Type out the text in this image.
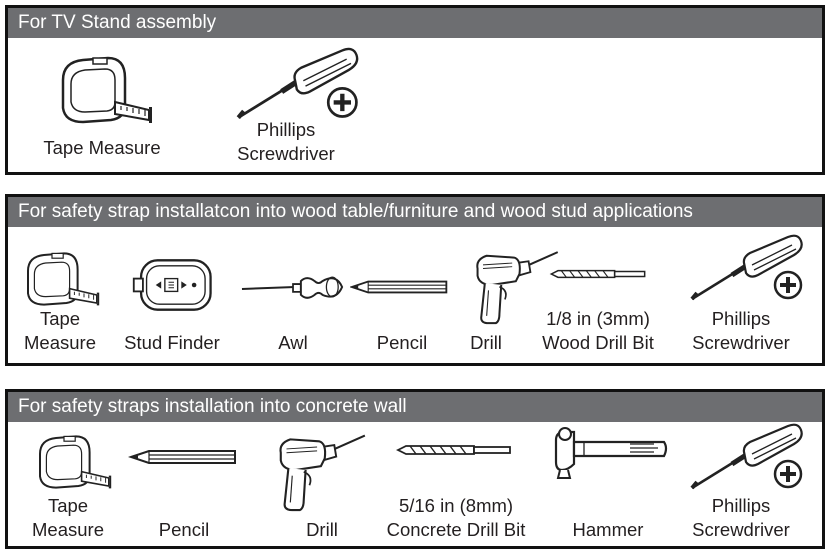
For TV Stand assembly
Tape Measure
Phillips
Screwdriver
For safety strap installatcon into wood table/furniture and wood stud applications
Tape
Measure	Stud Finder	Awl	Pencil	Drill
1/8 in (3mm)
Wood Drill Bit
Phillips
Screwdriver
For safety straps installation into concrete wall
Tape
Measure	Pencil	Drill
5/16 in (8mm)
Concrete Drill Bit	Hammer
Phillips
Screwdriver
